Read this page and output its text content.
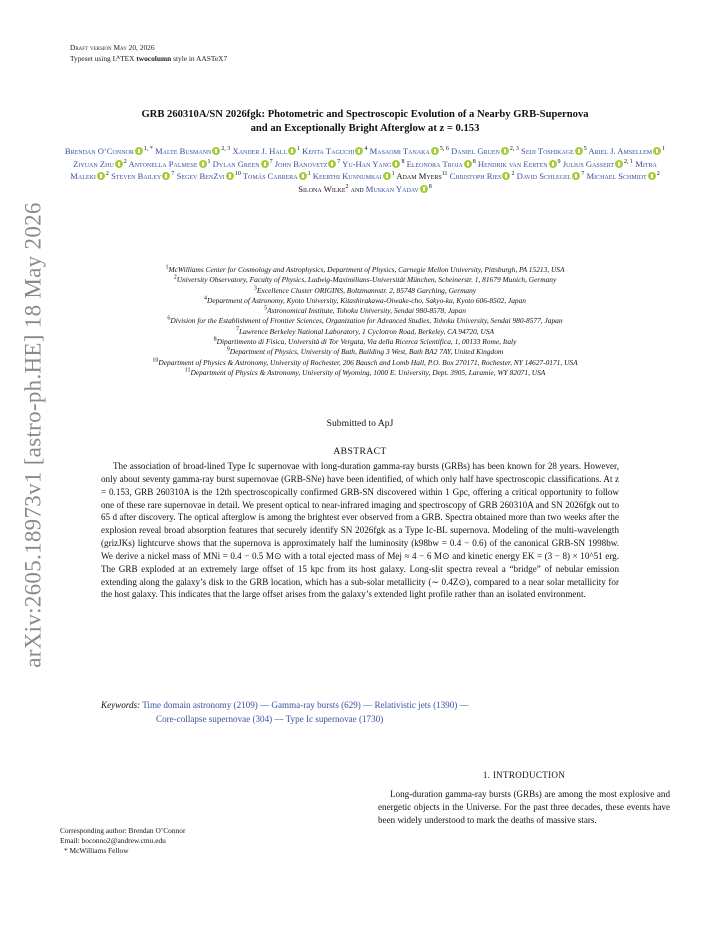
arXiv:2605.18973v1 [astro-ph.HE] 18 May 2026
Draft version May 20, 2026
Typeset using $L^ATEX$ twocolumn style in AASTeX7
GRB 260310A/SN 2026fgk: Photometric and Spectroscopic Evolution of a Nearby GRB-Supernova
and an Exceptionally Bright Afterglow at z = 0.153
Brendan O’Connor $^{1, *}$ Malte Busmann $^{2, 3}$ Xander J. Hall $^1$ Kenta Taguchi $^4$ Masaomi Tanaka $^{5, 6}$ Daniel Gruen $^{2, 3}$ Seiji Toshikage $^5$ Ariel J. Amsellem $^1$ Ziyuan Zhu $^2$ Antonella Palmese $^1$ Dylan Green $^7$ John Banovetz $^7$ Yu-Han Yang $^8$ Eleonora Troja $^8$ Hendrik van Eerten $^9$ Julius Gassert $^{2, 1}$ Mitra Maleki $^2$ Steven Bailey $^7$ Segev BenZvi $^{10}$ Tomás Cabrera $^1$ Keerthi Kunnumkai $^1$ Adam Myers$^{11}$ Christoph Ries $^2$ David Schlegel $^7$ Michael Schmidt $^2$ Silona Wilke$^2$ and Muskan Yadav $^8$
$^1$McWilliams Center for Cosmology and Astrophysics, Department of Physics, Carnegie Mellon University, Pittsburgh, PA 15213, USA
$^2$University Observatory, Faculty of Physics, Ludwig-Maximilians-Universität München, Scheinerstr. 1, 81679 Munich, Germany
$^3$Excellence Cluster ORIGINS, Boltzmannstr. 2, 85748 Garching, Germany
$^4$Department of Astronomy, Kyoto University, Kitashirakawa-Oiwake-cho, Sakyo-ku, Kyoto 606-8502, Japan
$^5$Astronomical Institute, Tohoku University, Sendai 980-8578, Japan
$^6$Division for the Establishment of Frontier Sciences, Organization for Advanced Studies, Tohoku University, Sendai 980-8577, Japan
$^7$Lawrence Berkeley National Laboratory, 1 Cyclotron Road, Berkeley, CA 94720, USA
$^8$Dipartimento di Fisica, Università di Tor Vergata, Via della Ricerca Scientifica, 1, 00133 Rome, Italy
$^9$Department of Physics, University of Bath, Building 3 West, Bath BA2 7AY, United Kingdom
$^{10}$Department of Physics & Astronomy, University of Rochester, 206 Bausch and Lomb Hall, P.O. Box 270171, Rochester, NY 14627-0171, USA
$^{11}$Department of Physics & Astronomy, University of Wyoming, 1000 E. University, Dept. 3905, Laramie, WY 82071, USA
Submitted to ApJ
ABSTRACT

The association of broad-lined Type Ic supernovae with long-duration gamma-ray bursts (GRBs) has been known for 28 years. However, only about seventy gamma-ray burst supernovae (GRB-SNe) have been identified, of which only half have spectroscopic classifications. At z = 0.153, GRB 260310A is the 12th spectroscopically confirmed GRB-SN discovered within 1 Gpc, offering a critical opportunity to follow one of these rare supernovae in detail. We present optical to near-infrared imaging and spectroscopy of GRB 260310A and SN 2026fgk out to 65 d after discovery. The optical afterglow is among the brightest ever observed from a GRB. Spectra obtained more than two weeks after the explosion reveal broad absorption features that securely identify SN 2026fgk as a Type Ic-BL supernova. Modeling of the multi-wavelength (grizJKs) lightcurve shows that the supernova is approximately half the luminosity (k98bw = 0.4 − 0.6) of the canonical GRB-SN 1998bw. We derive a nickel mass of MNi = 0.4 − 0.5 M⊙ with a total ejected mass of Mej ≈ 4 − 6 M⊙ and kinetic energy EK = (3 − 8) × 10^51 erg. The GRB exploded at an extremely large offset of 15 kpc from its host galaxy. Long-slit spectra reveal a “bridge” of nebular emission extending along the galaxy’s disk to the GRB location, which has a sub-solar metallicity (∼ 0.4Z⊙), compared to a near solar metallicity for the host galaxy. This indicates that the large offset arises from the galaxy’s extended light profile rather than an isolated environment.

Keywords: Time domain astronomy (2109) — Gamma-ray bursts (629) — Relativistic jets (1390) —
Core-collapse supernovae (304) — Type Ic supernovae (1730)
Corresponding author: Brendan O’Connor
Email: boconno2@andrew.cmu.edu
* McWilliams Fellow
1. INTRODUCTION

Long-duration gamma-ray bursts (GRBs) are among the most explosive and energetic objects in the Universe. For the past three decades, these events have been widely understood to mark the deaths of massive stars.
